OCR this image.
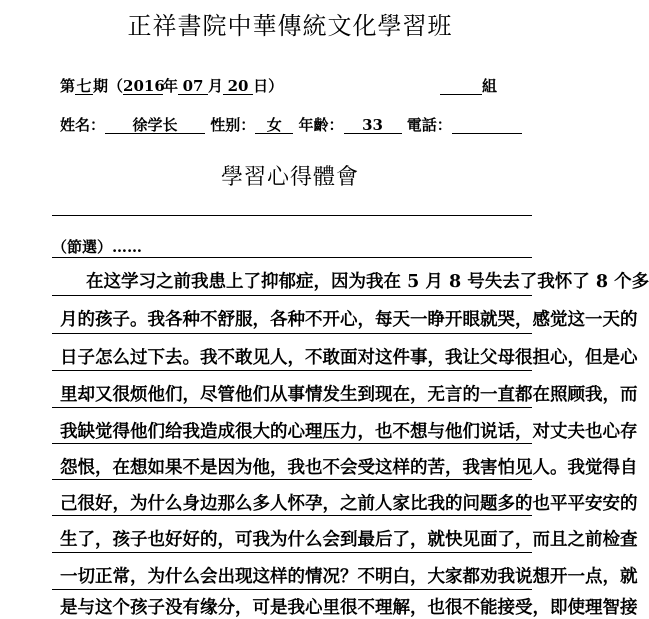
正祥書院中華傳統文化學習班
第七 期（2016年 07 月 20 日）	組
姓名： 徐学长 性别： 女 年齡： 33 電話：
學習心得體會
（節選）……
在这学习之前我患上了抑郁症，因为我在 5 月 8 号失去了我怀了 8 个多
月的孩子。我各种不舒服，各种不开心，每天一睁开眼就哭，感觉这一天的
日子怎么过下去。我不敢见人，不敢面对这件事，我让父母很担心，但是心
里却又很烦他们，尽管他们从事情发生到现在，无言的一直都在照顾我，而
我缺觉得他们给我造成很大的心理压力，也不想与他们说话，对丈夫也心存
怨恨，在想如果不是因为他，我也不会受这样的苦，我害怕见人。我觉得自
己很好，为什么身边那么多人怀孕，之前人家比我的问题多的也平平安安的
生了，孩子也好好的，可我为什么会到最后了，就快见面了，而且之前检查
一切正常，为什么会出现这样的情况？不明白，大家都劝我说想开一点，就
是与这个孩子没有缘分，可是我心里很不理解，也很不能接受，即使理智接
